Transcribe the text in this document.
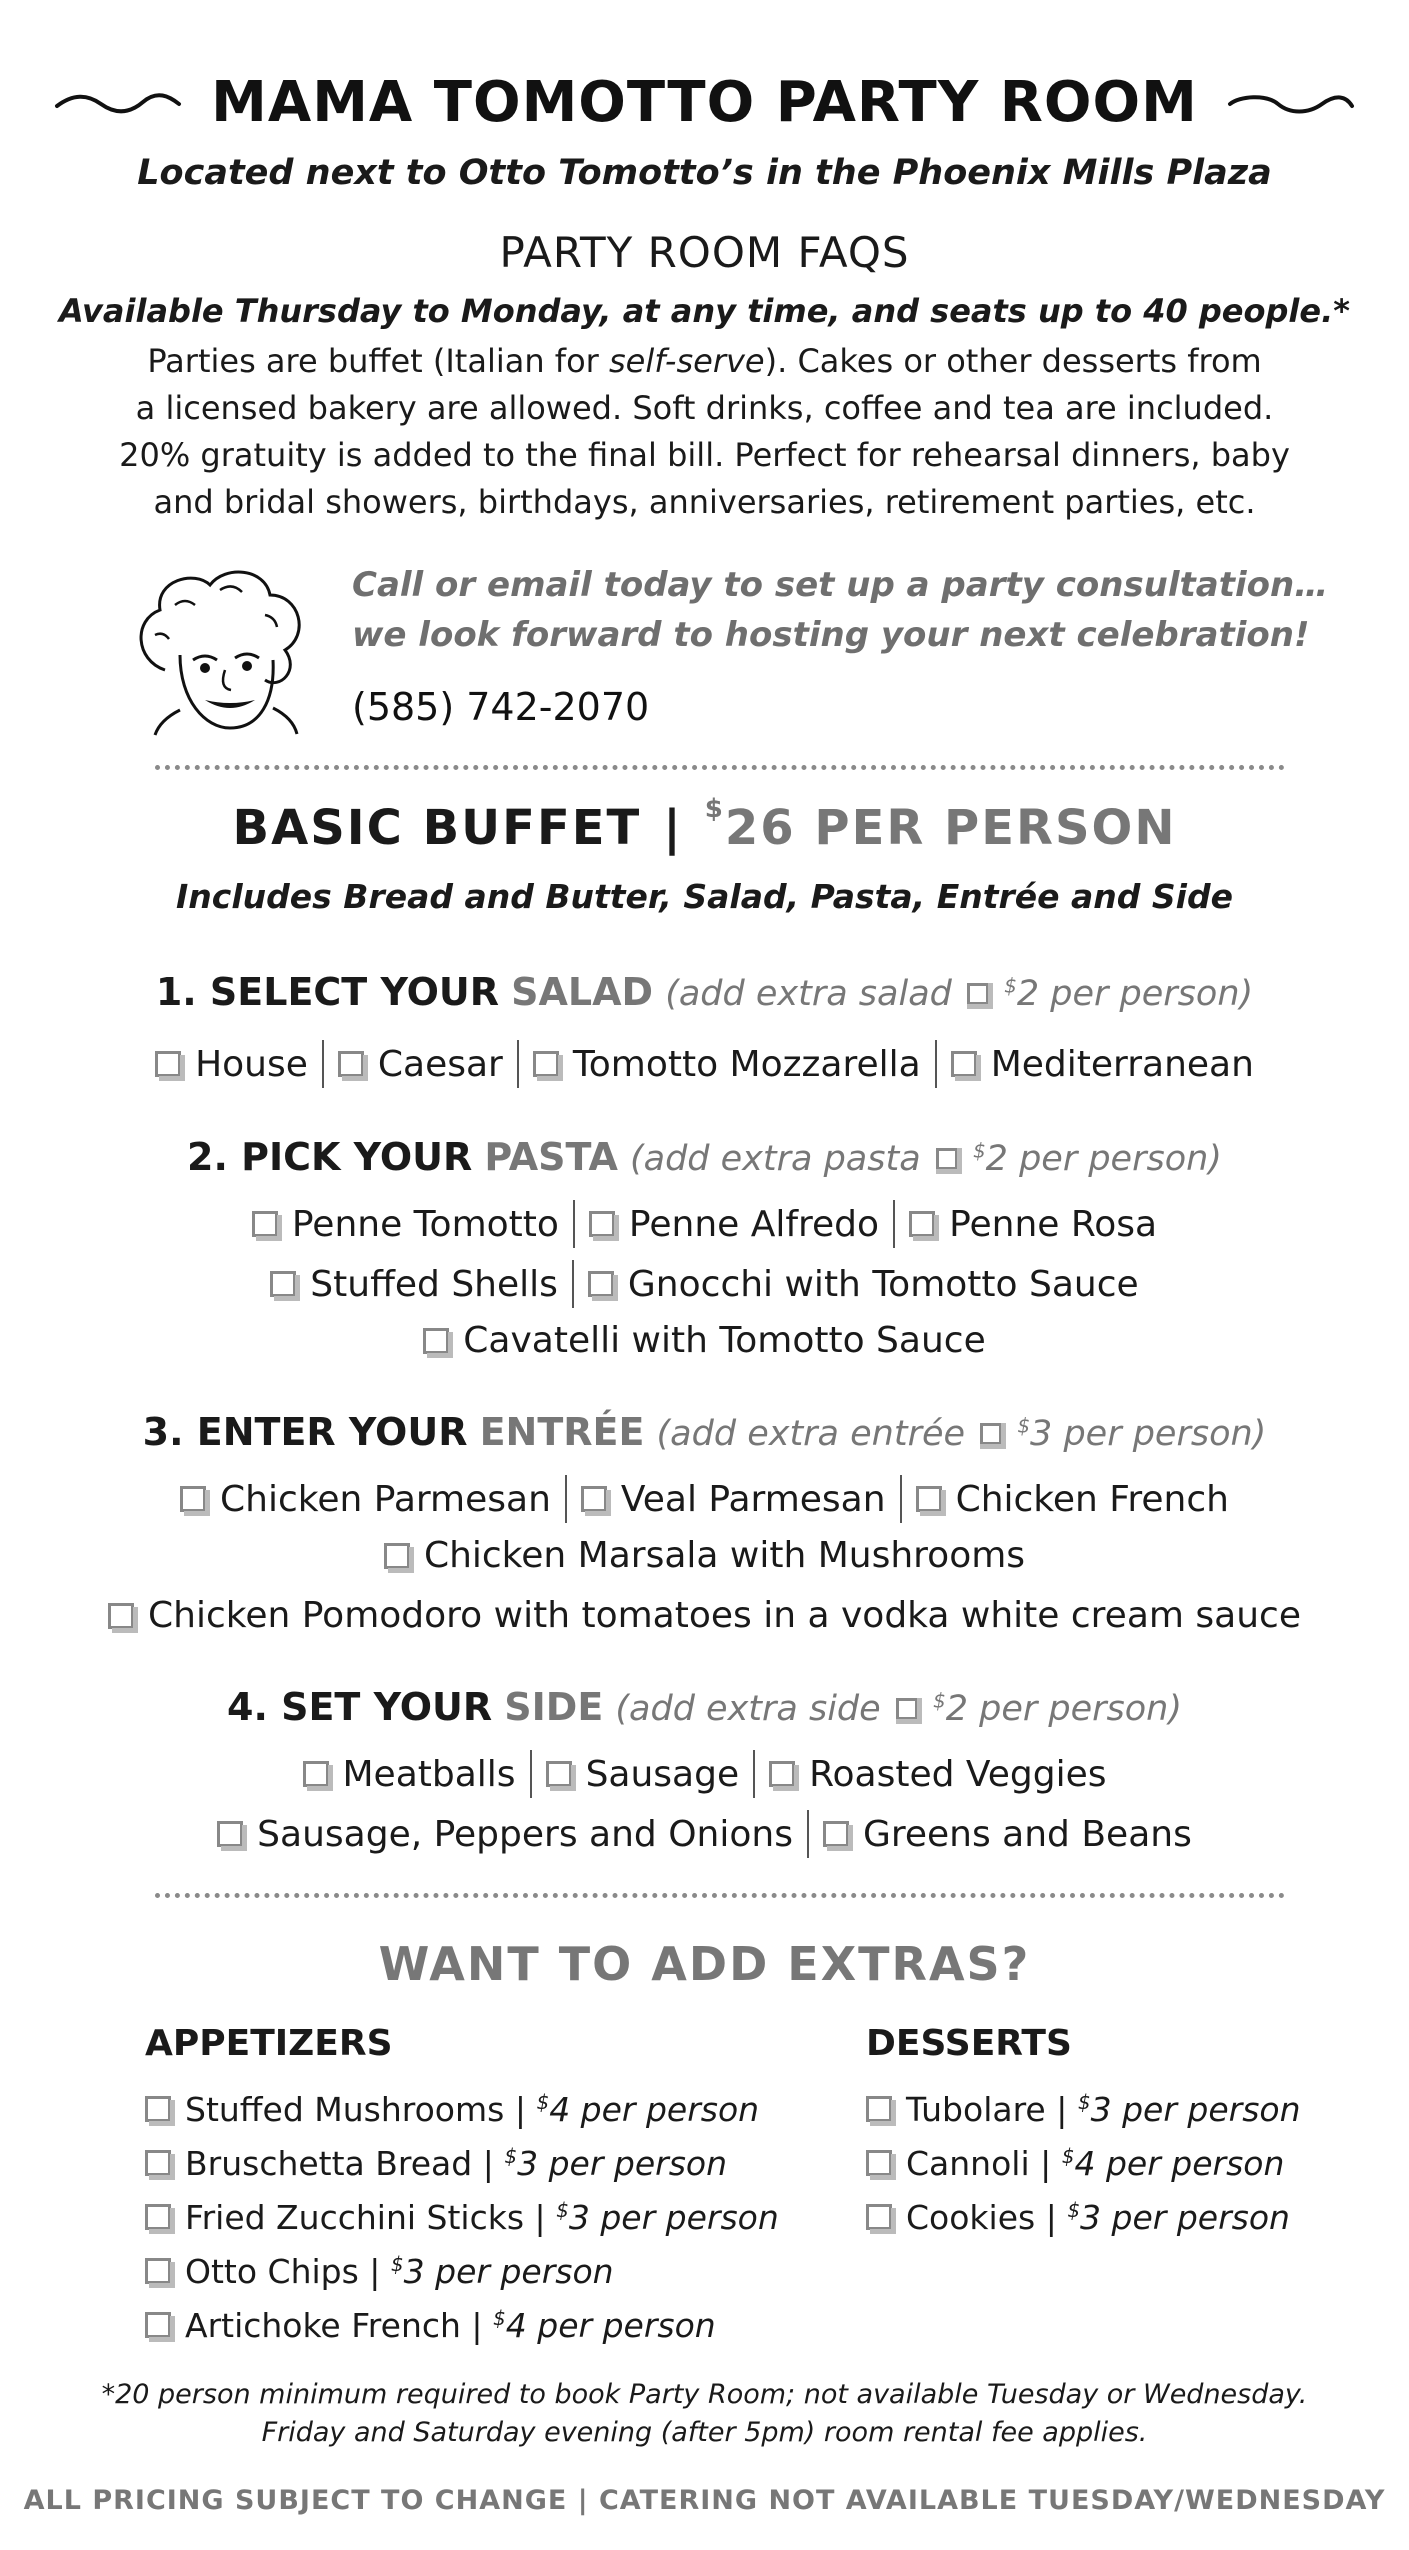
MAMA TOMOTTO PARTY ROOM
Located next to Otto Tomotto’s in the Phoenix Mills Plaza
PARTY ROOM FAQS
Available Thursday to Monday, at any time, and seats up to 40 people.*
Parties are buffet (Italian for self-serve). Cakes or other desserts from
a licensed bakery are allowed. Soft drinks, coffee and tea are included.
20% gratuity is added to the final bill. Perfect for rehearsal dinners, baby
and bridal showers, birthdays, anniversaries, retirement parties, etc.
Call or email today to set up a party consultation…
we look forward to hosting your next celebration!
(585) 742-2070
BASIC BUFFET | $26 PER PERSON
Includes Bread and Butter, Salad, Pasta, Entrée and Side
1. SELECT YOUR SALAD (add extra salad	$2 per person)
House Caesar Tomotto Mozzarella Mediterranean
2. PICK YOUR PASTA (add extra pasta	$2 per person)
Penne Tomotto Penne Alfredo Penne Rosa
Stuffed Shells Gnocchi with Tomotto Sauce
Cavatelli with Tomotto Sauce
3. ENTER YOUR ENTRÉE (add extra entrée	$3 per person)
Chicken Parmesan Veal Parmesan Chicken French
Chicken Marsala with Mushrooms
Chicken Pomodoro with tomatoes in a vodka white cream sauce
4. SET YOUR SIDE (add extra side	$2 per person)
Meatballs Sausage Roasted Veggies
Sausage, Peppers and Onions Greens and Beans
WANT TO ADD EXTRAS?
APPETIZERS
Stuffed Mushrooms | $4 per person
Bruschetta Bread | $3 per person
Fried Zucchini Sticks | $3 per person
Otto Chips | $3 per person
Artichoke French | $4 per person
DESSERTS
Tubolare | $3 per person
Cannoli | $4 per person
Cookies | $3 per person
*20 person minimum required to book Party Room; not available Tuesday or Wednesday.
Friday and Saturday evening (after 5pm) room rental fee applies.
ALL PRICING SUBJECT TO CHANGE | CATERING NOT AVAILABLE TUESDAY/WEDNESDAY
